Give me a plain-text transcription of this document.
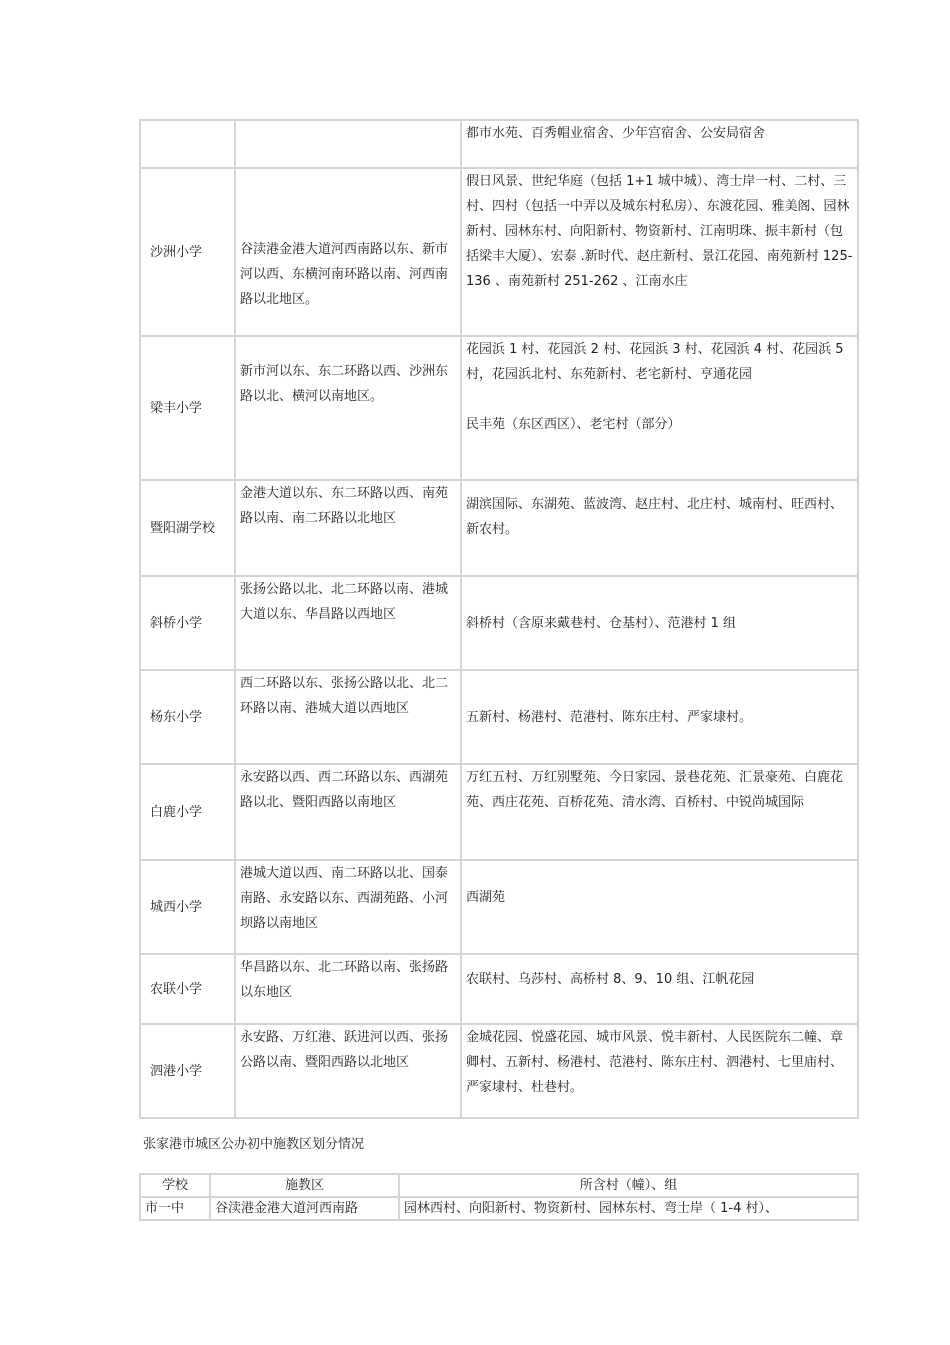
		都市水苑、百秀帽业宿舍、少年宫宿舍、公安局宿舍
沙洲小学	谷渎港金港大道河西南路以东、新市河以西、东横河南环路以南、河西南路以北地区。	假日风景、世纪华庭（包括 1+1 城中城）、湾士岸一村、二村、三村、四村（包括一中弄以及城东村私房）、东渡花园、雅美阁、园林新村、园林东村、向阳新村、物资新村、江南明珠、振丰新村（包括梁丰大厦）、宏泰 .新时代、赵庄新村、景江花园、南苑新村 125-136 、南苑新村 251-262 、江南水庄
梁丰小学	新市河以东、东二环路以西、沙洲东路以北、横河以南地区。	花园浜 1 村、花园浜 2 村、花园浜 3 村、花园浜 4 村、花园浜 5 村，花园浜北村、东苑新村、老宅新村、亨通花园
民丰苑（东区西区）、老宅村（部分）

暨阳湖学校	金港大道以东、东二环路以西、南苑路以南、南二环路以北地区	湖滨国际、东湖苑、蓝波湾、赵庄村、北庄村、城南村、旺西村、新农村。

斜桥小学	张扬公路以北、北二环路以南、港城大道以东、华昌路以西地区	斜桥村（含原来戴巷村、仓基村）、范港村 1 组
杨东小学	西二环路以东、张扬公路以北、北二环路以南、港城大道以西地区	五新村、杨港村、范港村、陈东庄村、严家埭村。
白鹿小学	永安路以西、西二环路以东、西湖苑路以北、暨阳西路以南地区	万红五村、万红别墅苑、今日家园、景巷花苑、汇景豪苑、白鹿花苑、西庄花苑、百桥花苑、清水湾、百桥村、中锐尚城国际
城西小学	港城大道以西、南二环路以北、国泰南路、永安路以东、西湖苑路、小河坝路以南地区	西湖苑

农联小学	华昌路以东、北二环路以南、张扬路以东地区	农联村、乌莎村、高桥村 8、9、10 组、江帆花园

泗港小学	永安路、万红港、跃进河以西、张扬公路以南、暨阳西路以北地区	金城花园、悦盛花园、城市风景、悦丰新村、人民医院东二幢、章卿村、五新村、杨港村、范港村、陈东庄村、泗港村、七里庙村、严家埭村、杜巷村。
张家港市城区公办初中施教区划分情况
学校	施教区	所含村（幢）、组
市一中	谷渎港金港大道河西南路	园林西村、向阳新村、物资新村、园林东村、弯士岸（ 1-4 村）、
